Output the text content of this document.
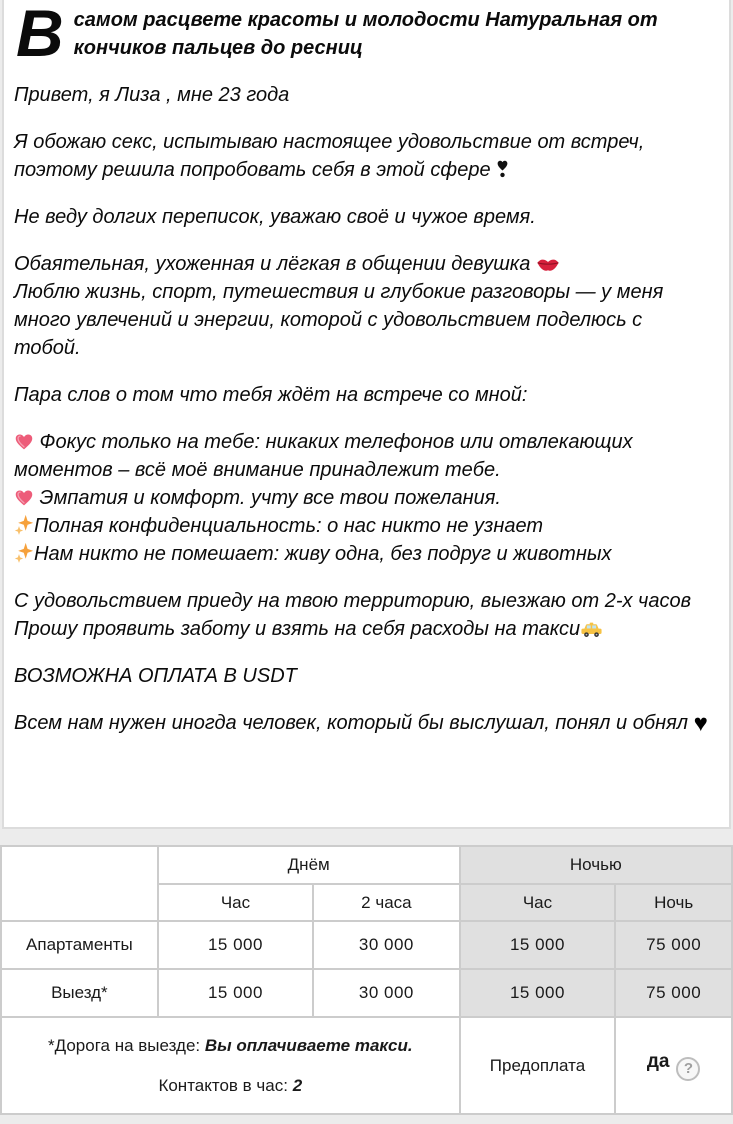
Всамом расцвете красоты и молодости Натуральная от кончиков пальцев до ресниц

Привет, я Лиза , мне 23 года

Я обожаю секс, испытываю настоящее удовольствие от встреч, поэтому решила попробовать себя в этой сфере

Не веду долгих переписок, уважаю своё и чужое время.

Обаятельная, ухоженная и лёгкая в общении девушка

Люблю жизнь, спорт, путешествия и глубокие разговоры — у меня много увлечений и энергии, которой с удовольствием поделюсь с тобой.

Пара слов о том что тебя ждёт на встрече со мной:

Фокус только на тебе: никаких телефонов или отвлекающих моментов – всё моё внимание принадлежит тебе.

Эмпатия и комфорт. учту все твои пожелания.

Полная конфиденциальность: о нас никто не узнает

Нам никто не помешает: живу одна, без подруг и животных

С удовольствием приеду на твою территорию, выезжаю от 2-х часов
Прошу проявить заботу и взять на себя расходы на такси

ВОЗМОЖНА ОПЛАТА В USDT

Всем нам нужен иногда человек, который бы выслушал, понял и обнял ♥

	Днём		Ночью	
	Час	2 часа	Час	Ночь
Апартаменты	15 000	30 000	15 000	75 000
Выезд*	15 000	30 000	15 000	75 000

*Дорога на выезде: Вы оплачиваете такси.
Контактов в час: 2			Предоплата	да ?
